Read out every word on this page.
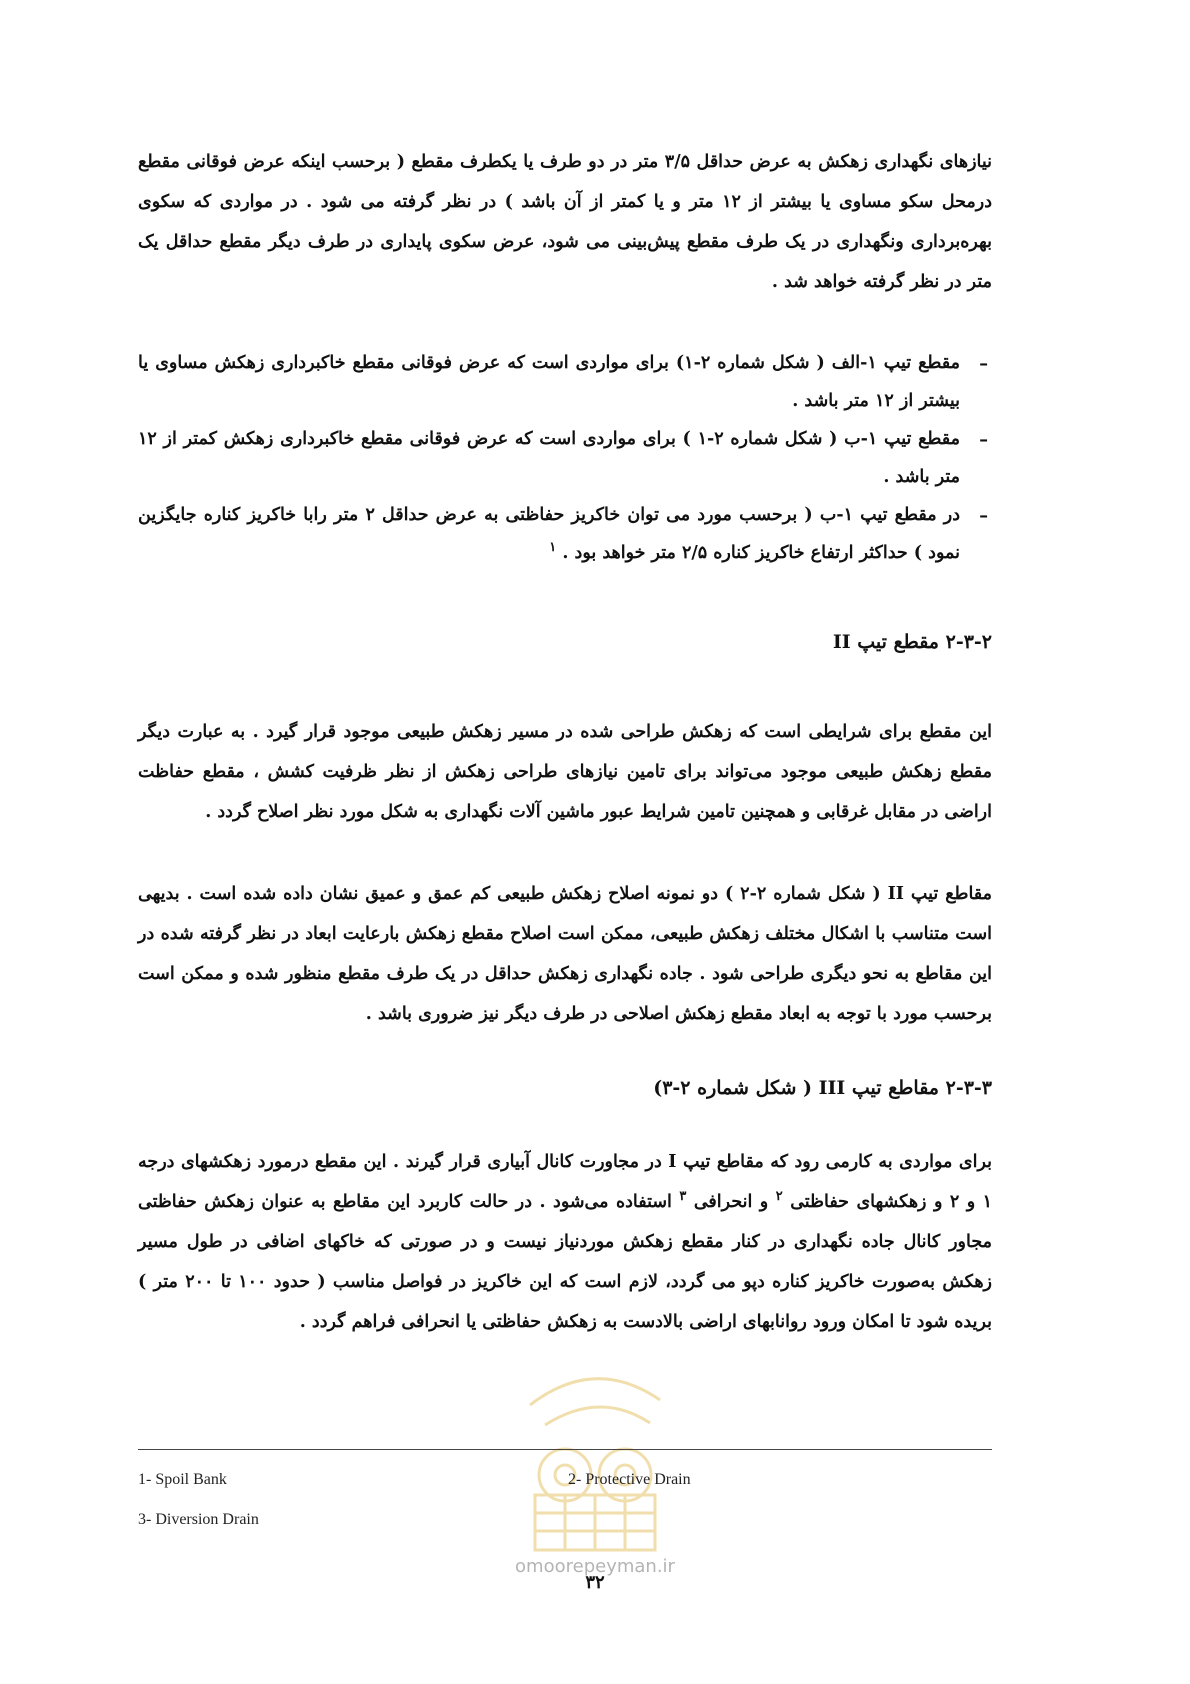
نیازهای نگهداری زهکش به عرض حداقل ۳/۵ متر در دو طرف یا یکطرف مقطع ( برحسب اینکه عرض فوقانی مقطع درمحل سکو مساوی یا بیشتر از ۱۲ متر و یا کمتر از آن باشد ) در نظر گرفته می شود . در مواردی که سکوی بهره‌برداری ونگهداری در یک طرف مقطع پیش‌بینی می شود، عرض سکوی پایداری در طرف دیگر مقطع حداقل یک متر در نظر گرفته خواهد شد .

–

مقطع تیپ ۱-الف ( شکل شماره ۲-۱) برای مواردی است که عرض فوقانی مقطع خاکبرداری زهکش مساوی یا بیشتر از ۱۲ متر باشد .

–

مقطع تیپ ۱-ب ( شکل شماره ۲-۱ ) برای مواردی است که عرض فوقانی مقطع خاکبرداری زهکش کمتر از ۱۲ متر باشد .

–

در مقطع تیپ ۱-ب ( برحسب مورد می توان خاکریز حفاظتی به عرض حداقل ۲ متر رابا خاکریز کناره جایگزین نمود ) حداکثر ارتفاع خاکریز کناره ۲/۵ متر خواهد بود . $^۱$

۲-۳-۲ مقطع تیپ II

این مقطع برای شرایطی است که زهکش طراحی شده در مسیر زهکش طبیعی موجود قرار گیرد . به عبارت دیگر مقطع زهکش طبیعی موجود می‌تواند برای تامین نیازهای طراحی زهکش از نظر ظرفیت کشش ، مقطع حفاظت اراضی در مقابل غرقابی و همچنین تامین شرایط عبور ماشین آلات نگهداری به شکل مورد نظر اصلاح گردد .

مقاطع تیپ II ( شکل شماره ۲-۲ ) دو نمونه اصلاح زهکش طبیعی کم عمق و عمیق نشان داده شده است . بدیهی است متناسب با اشکال مختلف زهکش طبیعی، ممکن است اصلاح مقطع زهکش بارعایت ابعاد در نظر گرفته شده در این مقاطع به نحو دیگری طراحی شود . جاده نگهداری زهکش حداقل در یک طرف مقطع منظور شده و ممکن است برحسب مورد با توجه به ابعاد مقطع زهکش اصلاحی در طرف دیگر نیز ضروری باشد .

۲-۳-۳ مقاطع تیپ III ( شکل شماره ۲-۳)

برای مواردی به کارمی رود که مقاطع تیپ I در مجاورت کانال آبیاری قرار گیرند . این مقطع درمورد زهکشهای درجه ۱ و ۲ و زهکشهای حفاظتی $^۲$ و انحرافی $^۳$ استفاده می‌شود . در حالت کاربرد این مقاطع به عنوان زهکش حفاظتی مجاور کانال جاده نگهداری در کنار مقطع زهکش موردنیاز نیست و در صورتی که خاکهای اضافی در طول مسیر زهکش به‌صورت خاکریز کناره دپو می گردد، لازم است که این خاکریز در فواصل مناسب ( حدود ۱۰۰ تا ۲۰۰ متر ) بریده شود تا امکان ورود روانابهای اراضی بالادست به زهکش حفاظتی یا انحرافی فراهم گردد .

1- Spoil Bank	2- Protective Drain
3- Diversion Drain
omoorepeyman.ir
۳۲
